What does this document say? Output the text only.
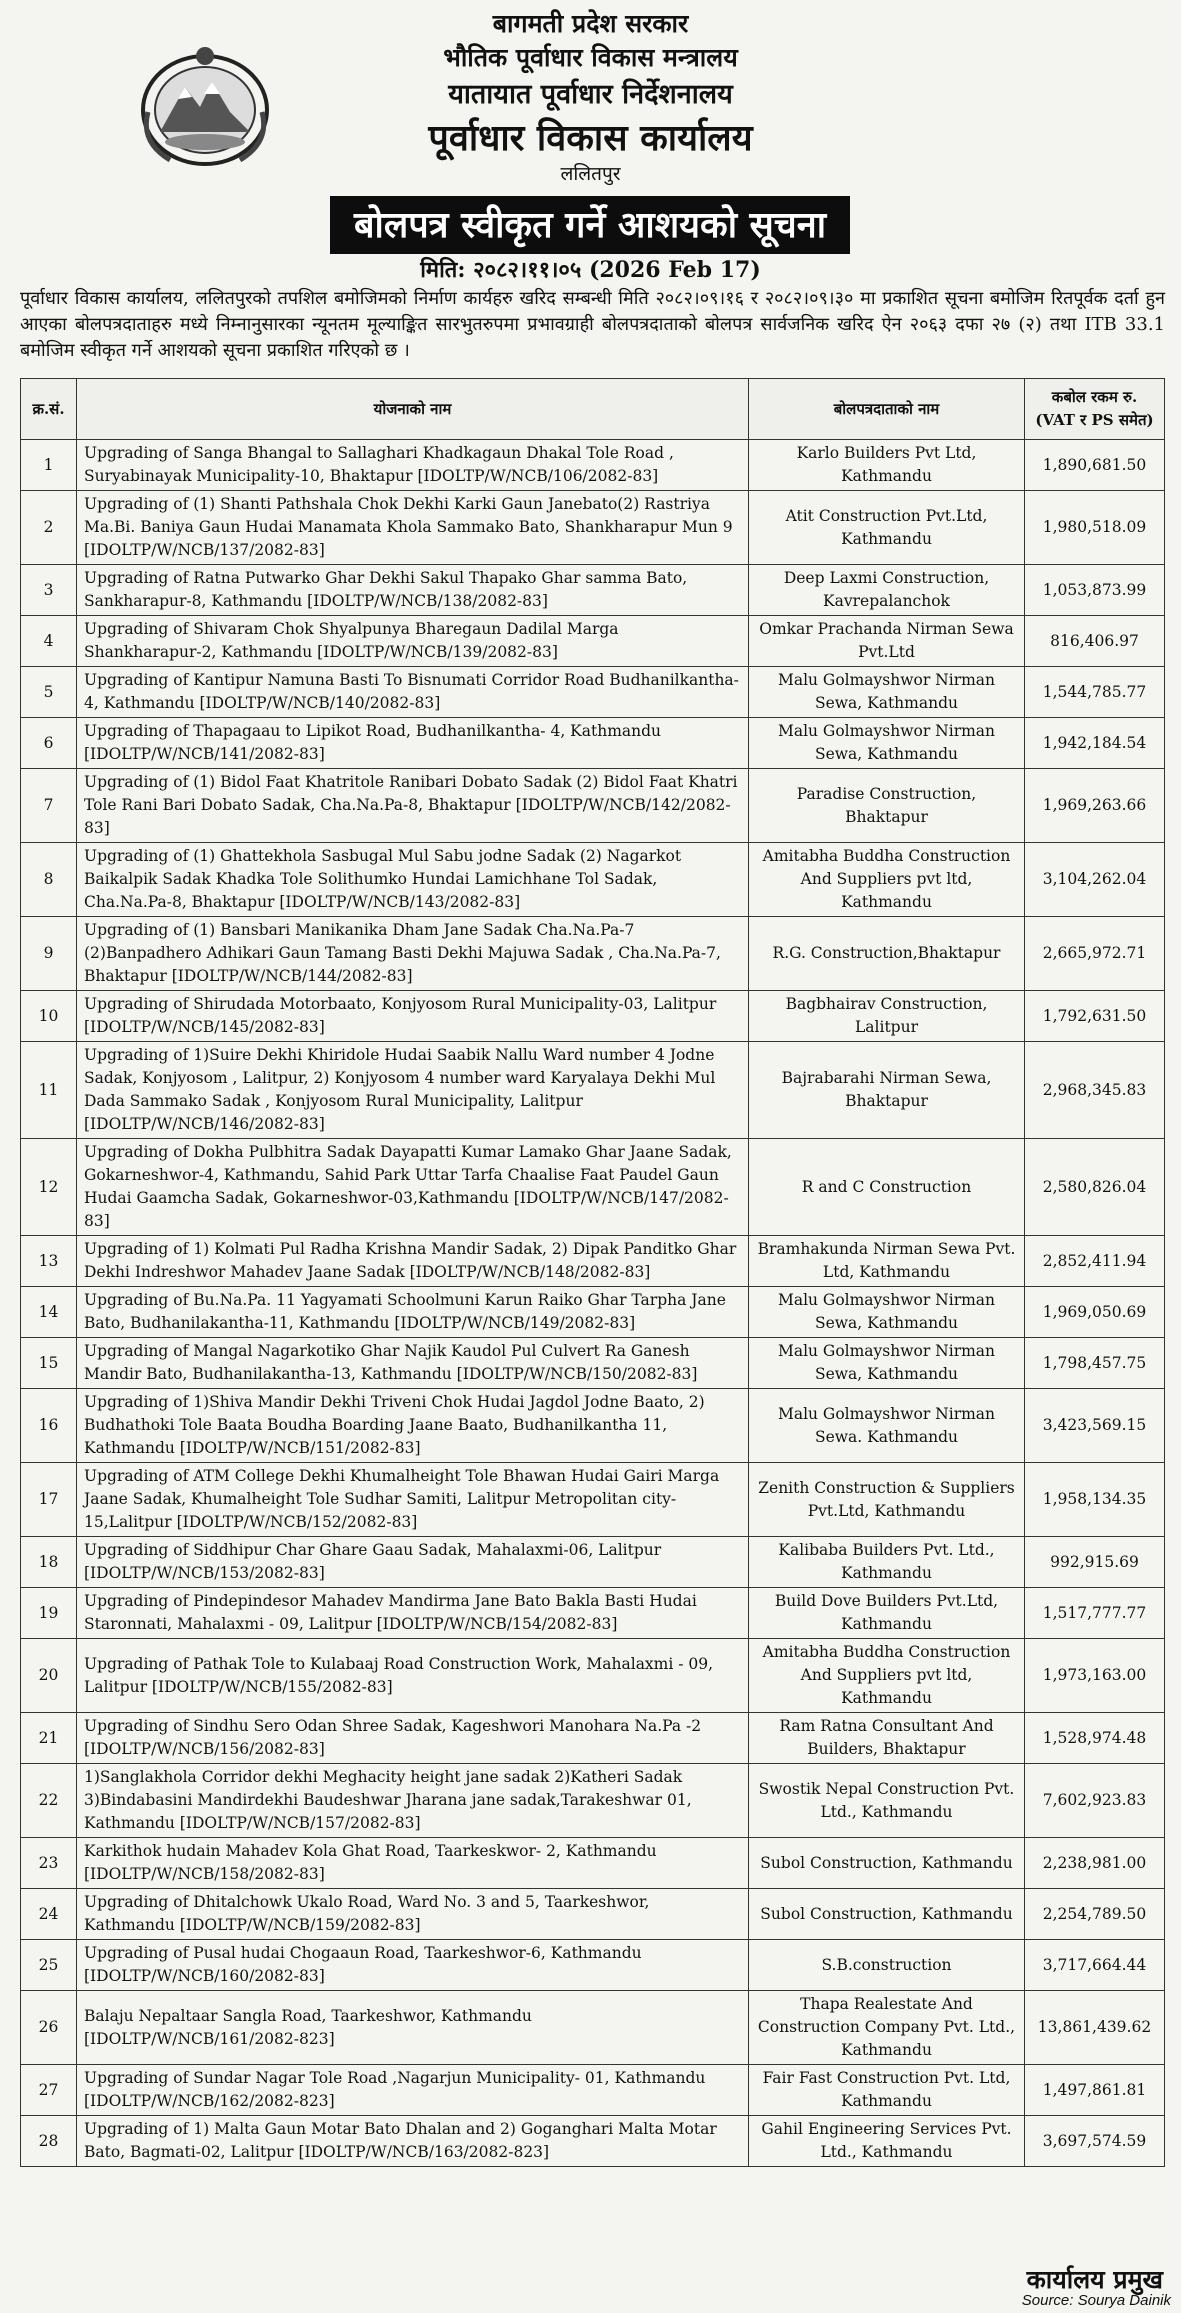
बागमती प्रदेश सरकार
भौतिक पूर्वाधार विकास मन्त्रालय
यातायात पूर्वाधार निर्देशनालय
पूर्वाधार विकास कार्यालय
ललितपुर
बोलपत्र स्वीकृत गर्ने आशयको सूचना
मिति: २०८२।११।०५ (2026 Feb 17)
पूर्वाधार विकास कार्यालय, ललितपुरको तपशिल बमोजिमको निर्माण कार्यहरु खरिद सम्बन्धी मिति २०८२।०९।१६ र २०८२।०९।३० मा प्रकाशित सूचना बमोजिम रितपूर्वक दर्ता हुन आएका बोलपत्रदाताहरु मध्ये निम्नानुसारका न्यूनतम मूल्याङ्कित सारभुतरुपमा प्रभावग्राही बोलपत्रदाताको बोलपत्र सार्वजनिक खरिद ऐन २०६३ दफा २७ (२) तथा ITB 33.1 बमोजिम स्वीकृत गर्ने आशयको सूचना प्रकाशित गरिएको छ ।
क्र.सं.	योजनाको नाम	बोलपत्रदाताको नाम	कबोल रकम रु. (VAT र PS समेत)
1	Upgrading of Sanga Bhangal to Sallaghari Khadkagaun Dhakal Tole Road , Suryabinayak Municipality-10, Bhaktapur [IDOLTP/W/NCB/106/2082-83]	Karlo Builders Pvt Ltd, Kathmandu	1,890,681.50
2	Upgrading of (1) Shanti Pathshala Chok Dekhi Karki Gaun Janebato(2) Rastriya Ma.Bi. Baniya Gaun Hudai Manamata Khola Sammako Bato, Shankharapur Mun 9 [IDOLTP/W/NCB/137/2082-83]	Atit Construction Pvt.Ltd, Kathmandu	1,980,518.09
3	Upgrading of Ratna Putwarko Ghar Dekhi Sakul Thapako Ghar samma Bato, Sankharapur-8, Kathmandu [IDOLTP/W/NCB/138/2082-83]	Deep Laxmi Construction, Kavrepalanchok	1,053,873.99
4	Upgrading of Shivaram Chok Shyalpunya Bharegaun Dadilal Marga Shankharapur-2, Kathmandu [IDOLTP/W/NCB/139/2082-83]	Omkar Prachanda Nirman Sewa Pvt.Ltd	816,406.97
5	Upgrading of Kantipur Namuna Basti To Bisnumati Corridor Road Budhanilkantha-4, Kathmandu [IDOLTP/W/NCB/140/2082-83]	Malu Golmayshwor Nirman Sewa, Kathmandu	1,544,785.77
6	Upgrading of Thapagaau to Lipikot Road, Budhanilkantha- 4, Kathmandu [IDOLTP/W/NCB/141/2082-83]	Malu Golmayshwor Nirman Sewa, Kathmandu	1,942,184.54
7	Upgrading of (1) Bidol Faat Khatritole Ranibari Dobato Sadak (2) Bidol Faat Khatri Tole Rani Bari Dobato Sadak, Cha.Na.Pa-8, Bhaktapur [IDOLTP/W/NCB/142/2082-83]	Paradise Construction, Bhaktapur	1,969,263.66
8	Upgrading of (1) Ghattekhola Sasbugal Mul Sabu jodne Sadak (2) Nagarkot Baikalpik Sadak Khadka Tole Solithumko Hundai Lamichhane Tol Sadak, Cha.Na.Pa-8, Bhaktapur [IDOLTP/W/NCB/143/2082-83]	Amitabha Buddha Construction And Suppliers pvt ltd, Kathmandu	3,104,262.04
9	Upgrading of (1) Bansbari Manikanika Dham Jane Sadak Cha.Na.Pa-7 (2)Banpadhero Adhikari Gaun Tamang Basti Dekhi Majuwa Sadak , Cha.Na.Pa-7, Bhaktapur [IDOLTP/W/NCB/144/2082-83]	R.G. Construction,Bhaktapur	2,665,972.71
10	Upgrading of Shirudada Motorbaato, Konjyosom Rural Municipality-03, Lalitpur [IDOLTP/W/NCB/145/2082-83]	Bagbhairav Construction, Lalitpur	1,792,631.50
11	Upgrading of 1)Suire Dekhi Khiridole Hudai Saabik Nallu Ward number 4 Jodne Sadak, Konjyosom , Lalitpur, 2) Konjyosom 4 number ward Karyalaya Dekhi Mul Dada Sammako Sadak , Konjyosom Rural Municipality, Lalitpur [IDOLTP/W/NCB/146/2082-83]	Bajrabarahi Nirman Sewa, Bhaktapur	2,968,345.83
12	Upgrading of Dokha Pulbhitra Sadak Dayapatti Kumar Lamako Ghar Jaane Sadak, Gokarneshwor-4, Kathmandu, Sahid Park Uttar Tarfa Chaalise Faat Paudel Gaun Hudai Gaamcha Sadak, Gokarneshwor-03,Kathmandu [IDOLTP/W/NCB/147/2082-83]	R and C Construction	2,580,826.04
13	Upgrading of 1) Kolmati Pul Radha Krishna Mandir Sadak, 2) Dipak Panditko Ghar Dekhi Indreshwor Mahadev Jaane Sadak [IDOLTP/W/NCB/148/2082-83]	Bramhakunda Nirman Sewa Pvt. Ltd, Kathmandu	2,852,411.94
14	Upgrading of Bu.Na.Pa. 11 Yagyamati Schoolmuni Karun Raiko Ghar Tarpha Jane Bato, Budhanilakantha-11, Kathmandu [IDOLTP/W/NCB/149/2082-83]	Malu Golmayshwor Nirman Sewa, Kathmandu	1,969,050.69
15	Upgrading of Mangal Nagarkotiko Ghar Najik Kaudol Pul Culvert Ra Ganesh Mandir Bato, Budhanilakantha-13, Kathmandu [IDOLTP/W/NCB/150/2082-83]	Malu Golmayshwor Nirman Sewa, Kathmandu	1,798,457.75
16	Upgrading of 1)Shiva Mandir Dekhi Triveni Chok Hudai Jagdol Jodne Baato, 2) Budhathoki Tole Baata Boudha Boarding Jaane Baato, Budhanilkantha 11, Kathmandu [IDOLTP/W/NCB/151/2082-83]	Malu Golmayshwor Nirman Sewa. Kathmandu	3,423,569.15
17	Upgrading of ATM College Dekhi Khumalheight Tole Bhawan Hudai Gairi Marga Jaane Sadak, Khumalheight Tole Sudhar Samiti, Lalitpur Metropolitan city-15,Lalitpur [IDOLTP/W/NCB/152/2082-83]	Zenith Construction & Suppliers Pvt.Ltd, Kathmandu	1,958,134.35
18	Upgrading of Siddhipur Char Ghare Gaau Sadak, Mahalaxmi-06, Lalitpur [IDOLTP/W/NCB/153/2082-83]	Kalibaba Builders Pvt. Ltd., Kathmandu	992,915.69
19	Upgrading of Pindepindesor Mahadev Mandirma Jane Bato Bakla Basti Hudai Staronnati, Mahalaxmi - 09, Lalitpur [IDOLTP/W/NCB/154/2082-83]	Build Dove Builders Pvt.Ltd, Kathmandu	1,517,777.77
20	Upgrading of Pathak Tole to Kulabaaj Road Construction Work, Mahalaxmi - 09, Lalitpur [IDOLTP/W/NCB/155/2082-83]	Amitabha Buddha Construction And Suppliers pvt ltd, Kathmandu	1,973,163.00
21	Upgrading of Sindhu Sero Odan Shree Sadak, Kageshwori Manohara Na.Pa -2 [IDOLTP/W/NCB/156/2082-83]	Ram Ratna Consultant And Builders, Bhaktapur	1,528,974.48
22	1)Sanglakhola Corridor dekhi Meghacity height jane sadak 2)Katheri Sadak 3)Bindabasini Mandirdekhi Baudeshwar Jharana jane sadak,Tarakeshwar 01, Kathmandu [IDOLTP/W/NCB/157/2082-83]	Swostik Nepal Construction Pvt. Ltd., Kathmandu	7,602,923.83
23	Karkithok hudain Mahadev Kola Ghat Road, Taarkeskwor- 2, Kathmandu [IDOLTP/W/NCB/158/2082-83]	Subol Construction, Kathmandu	2,238,981.00
24	Upgrading of Dhitalchowk Ukalo Road, Ward No. 3 and 5, Taarkeshwor, Kathmandu [IDOLTP/W/NCB/159/2082-83]	Subol Construction, Kathmandu	2,254,789.50
25	Upgrading of Pusal hudai Chogaaun Road, Taarkeshwor-6, Kathmandu [IDOLTP/W/NCB/160/2082-83]	S.B.construction	3,717,664.44
26	Balaju Nepaltaar Sangla Road, Taarkeshwor, Kathmandu [IDOLTP/W/NCB/161/2082-823]	Thapa Realestate And Construction Company Pvt. Ltd., Kathmandu	13,861,439.62
27	Upgrading of Sundar Nagar Tole Road ,Nagarjun Municipality- 01, Kathmandu [IDOLTP/W/NCB/162/2082-823]	Fair Fast Construction Pvt. Ltd, Kathmandu	1,497,861.81
28	Upgrading of 1) Malta Gaun Motar Bato Dhalan and 2) Goganghari Malta Motar Bato, Bagmati-02, Lalitpur [IDOLTP/W/NCB/163/2082-823]	Gahil Engineering Services Pvt. Ltd., Kathmandu	3,697,574.59
कार्यालय प्रमुख
Source: Sourya Dainik
